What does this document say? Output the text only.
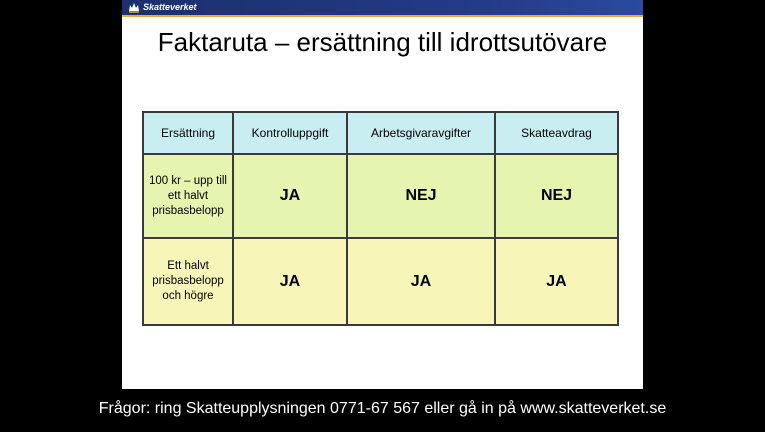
Skatteverket
Faktaruta – ersättning till idrottsutövare
Ersättning	Kontrolluppgift	Arbetsgivaravgifter	Skatteavdrag
100 kr – upp till ett halvt prisbasbelopp	JA	NEJ	NEJ
Ett halvt prisbasbelopp och högre	JA	JA	JA
Frågor: ring Skatteupplysningen 0771-67 567 eller gå in på www.skatteverket.se
